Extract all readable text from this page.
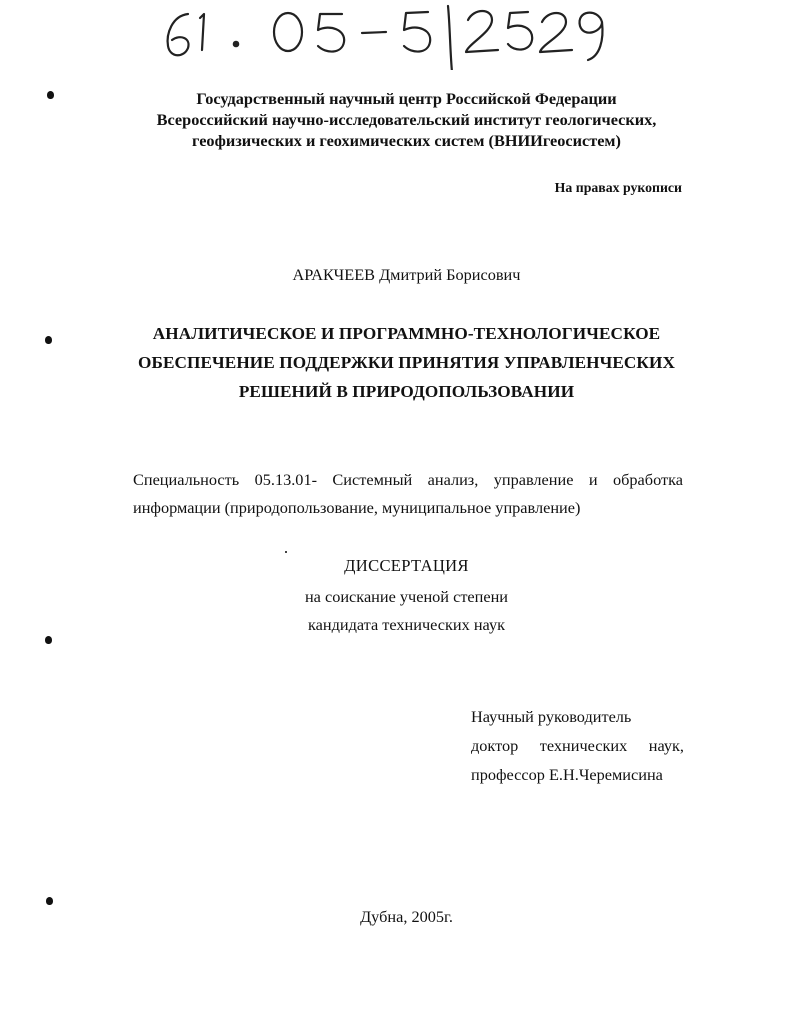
Государственный научный центр Российской Федерации
Всероссийский научно-исследовательский институт геологических,
геофизических и геохимических систем (ВНИИгеосистем)
На правах рукописи
АРАКЧЕЕВ Дмитрий Борисович
АНАЛИТИЧЕСКОЕ И ПРОГРАММНО-ТЕХНОЛОГИЧЕСКОЕ
ОБЕСПЕЧЕНИЕ ПОДДЕРЖКИ ПРИНЯТИЯ УПРАВЛЕНЧЕСКИХ
РЕШЕНИЙ В ПРИРОДОПОЛЬЗОВАНИИ
Специальность 05.13.01- Системный анализ, управление и обработка
информации (природопользование, муниципальное управление)
ДИССЕРТАЦИЯ
на соискание ученой степени
кандидата технических наук
Научный руководитель
доктор технических наук,
профессор Е.Н.Черемисина
Дубна, 2005г.
